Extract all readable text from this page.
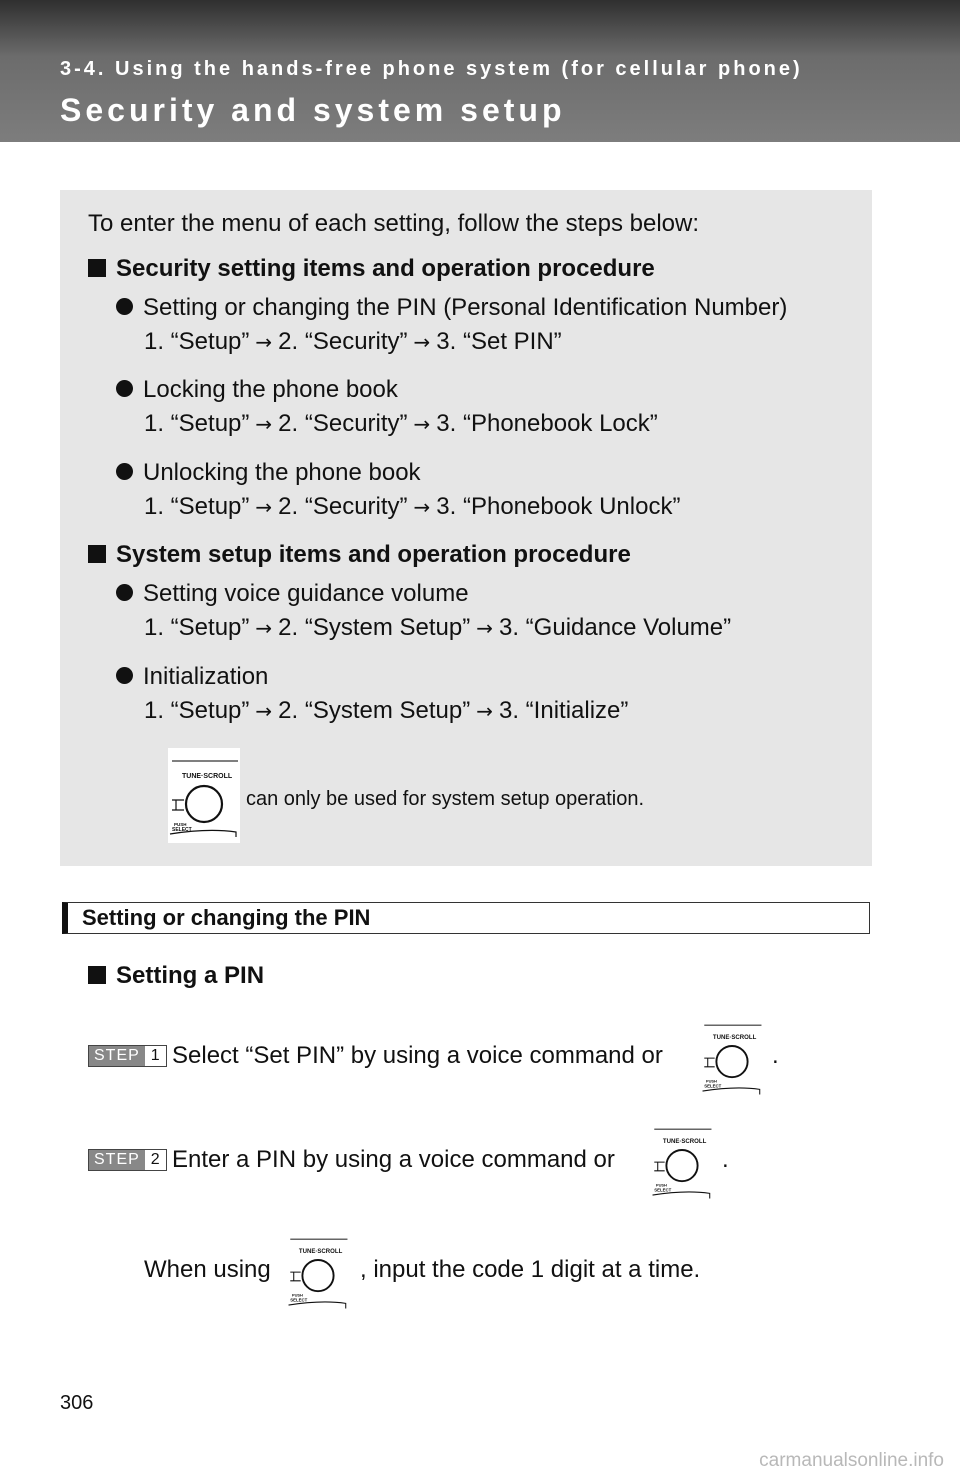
3-4. Using the hands-free phone system (for cellular phone)
Security and system setup
To enter the menu of each setting, follow the steps below:
Security setting items and operation procedure
Setting or changing the PIN (Personal Identification Number)
1. “Setup” → 2. “Security” → 3. “Set PIN”
Locking the phone book
1. “Setup” → 2. “Security” → 3. “Phonebook Lock”
Unlocking the phone book
1. “Setup” → 2. “Security” → 3. “Phonebook Unlock”
System setup items and operation procedure
Setting voice guidance volume
1. “Setup” → 2. “System Setup” → 3. “Guidance Volume”
Initialization
1. “Setup” → 2. “System Setup” → 3. “Initialize”
TUNE·SCROLL
PUSH
SELECT
can only be used for system setup operation.
Setting or changing the PIN
Setting a PIN
STEP 1 Select “Set PIN” by using a voice command or
TUNE·SCROLL
PUSH
SELECT
.
STEP 2 Enter a PIN by using a voice command or
TUNE·SCROLL
PUSH
SELECT
.
When using
TUNE·SCROLL
PUSH
SELECT
, input the code 1 digit at a time.
306
carmanualsonline.info
